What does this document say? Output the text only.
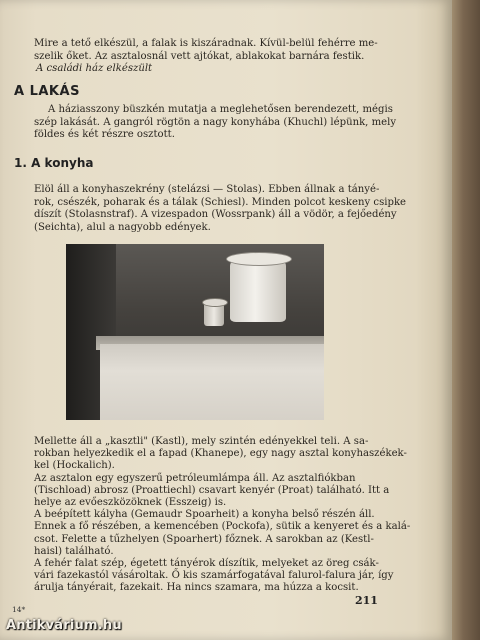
Mire a tető elkészül, a falak is kiszáradnak. Kívül-belül fehérre me-
szelik őket. Az asztalosnál vett ajtókat, ablakokat barnára festik.
A családi ház elkészült
A LAKÁS
A háziasszony büszkén mutatja a meglehetősen berendezett, mégis
szép lakását. A gangról rögtön a nagy konyhába (Khuchl) lépünk, mely
földes és két részre osztott.
1. A konyha
Elöl áll a konyhaszekrény (stelázsi — Stolas). Ebben állnak a tányé-
rok, csészék, poharak és a tálak (Schiesl). Minden polcot keskeny csipke
díszít (Stolasnstraf). A vizespadon (Wossrpank) áll a vödör, a fejőedény
(Seichta), alul a nagyobb edények.
Mellette áll a „kasztli" (Kastl), mely szintén edényekkel teli. A sa-
rokban helyezkedik el a fapad (Khanepe), egy nagy asztal konyhaszékek-
kel (Hockalich).
Az asztalon egy egyszerű petróleumlámpa áll. Az asztalfiókban
(Tischload) abrosz (Proattiechl) csavart kenyér (Proat) található. Itt a
helye az evőeszközöknek (Esszeig) is.
A beépített kályha (Gemaudr Spoarheit) a konyha belső részén áll.
Ennek a fő részében, a kemencében (Pockofa), sütik a kenyeret és a kalá-
csot. Felette a tűzhelyen (Spoarhert) főznek. A sarokban az (Kestl-
haisl) található.
A fehér falat szép, égetett tányérok díszítik, melyeket az öreg csák-
vári fazekastól vásároltak. Ő kis szamárfogatával falurol-falura jár, így
árulja tányérait, fazekait. Ha nincs szamara, ma húzza a kocsit.
14*
211
Antikvárium.hu
